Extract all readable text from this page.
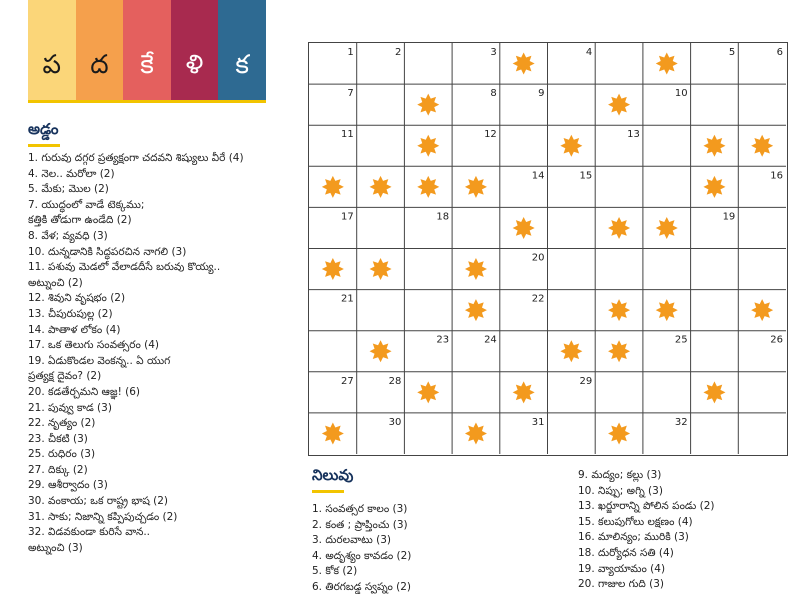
ప ద కే ళి క
అడ్డం
1. గురువు దగ్గర ప్రత్యక్షంగా చదవని శిష్యులు వీరే (4)
4. నెల.. మరోలా (2)
5. మేకు; మొల (2)
7. యుద్ధంలో వాడే టెక్కము;
కత్తికి తోడుగా ఉండేది (2)
8. వేళ; వ్యవధి (3)
10. దున్నడానికి సిద్ధపరచిన నాగలి (3)
11. పశువు మెడలో వేలాడదీసే బరువు కొయ్య..
అట్నుంచి (2)
12. శివుని వృషభం (2)
13. చీపురుపుల్ల (2)
14. పాతాళ లోకం (4)
17. ఒక తెలుగు సంవత్సరం (4)
19. ఏడుకొండల వెంకన్న.. ఏ యుగ
ప్రత్యక్ష దైవం? (2)
20. కడతేర్చమని ఆజ్ఞ! (6)
21. పువ్వు కాడ (3)
22. నృత్యం (2)
23. చీకటి (3)
25. రుధిరం (3)
27. దిక్కు (2)
29. ఆశీర్వాదం (3)
30. వంకాయ; ఒక రాష్ట్ర భాష (2)
31. సాకు; నిజాన్ని కప్పిపుచ్చడం (2)
32. విడవకుండా కురిసే వాన..
అట్నుంచి (3)
నిలువు
1. సంవత్సర కాలం (3)
2. కంత ; ప్రాప్తించు (3)
3. దురలవాటు (3)
4. అదృశ్యం కావడం (2)
5. కోక (2)
6. తిరగబడ్డ స్వప్నం (2)
9. మద్యం; కల్లు (3)
10. నిప్పు; అగ్ని (3)
13. ఖర్జూరాన్ని పోలిన పండు (2)
15. కలుపుగోలు లక్షణం (4)
16. మాలిన్యం; మురికి (3)
18. దుర్యోధన సతి (4)
19. వ్యాయామం (4)
20. గాజుల గుది (3)
